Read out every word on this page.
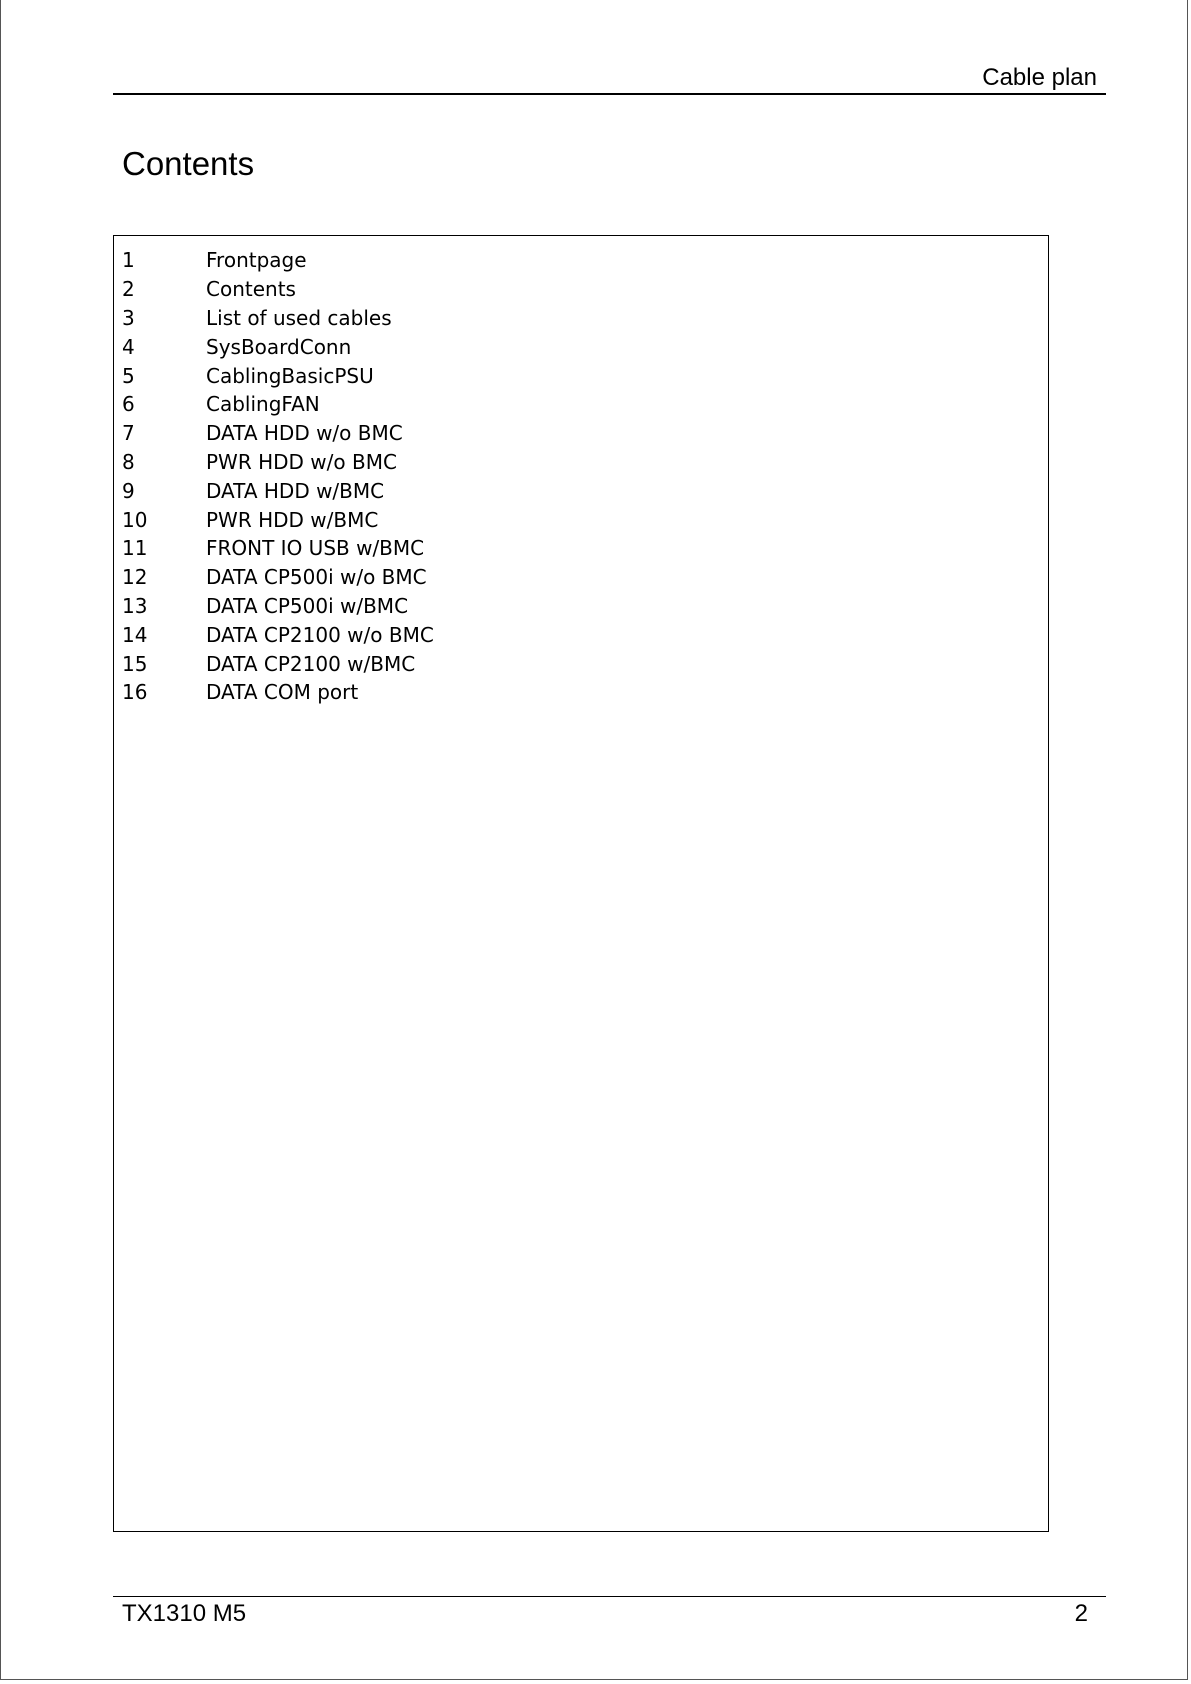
Cable plan
Contents
1	Frontpage
2	Contents
3	List of used cables
4	SysBoardConn
5	CablingBasicPSU
6	CablingFAN
7	DATA HDD w/o BMC
8	PWR HDD w/o BMC
9	DATA HDD w/BMC
10	PWR HDD w/BMC
11	FRONT IO USB w/BMC
12	DATA CP500i w/o BMC
13	DATA CP500i w/BMC
14	DATA CP2100 w/o BMC
15	DATA CP2100 w/BMC
16	DATA COM port
TX1310 M5	2
